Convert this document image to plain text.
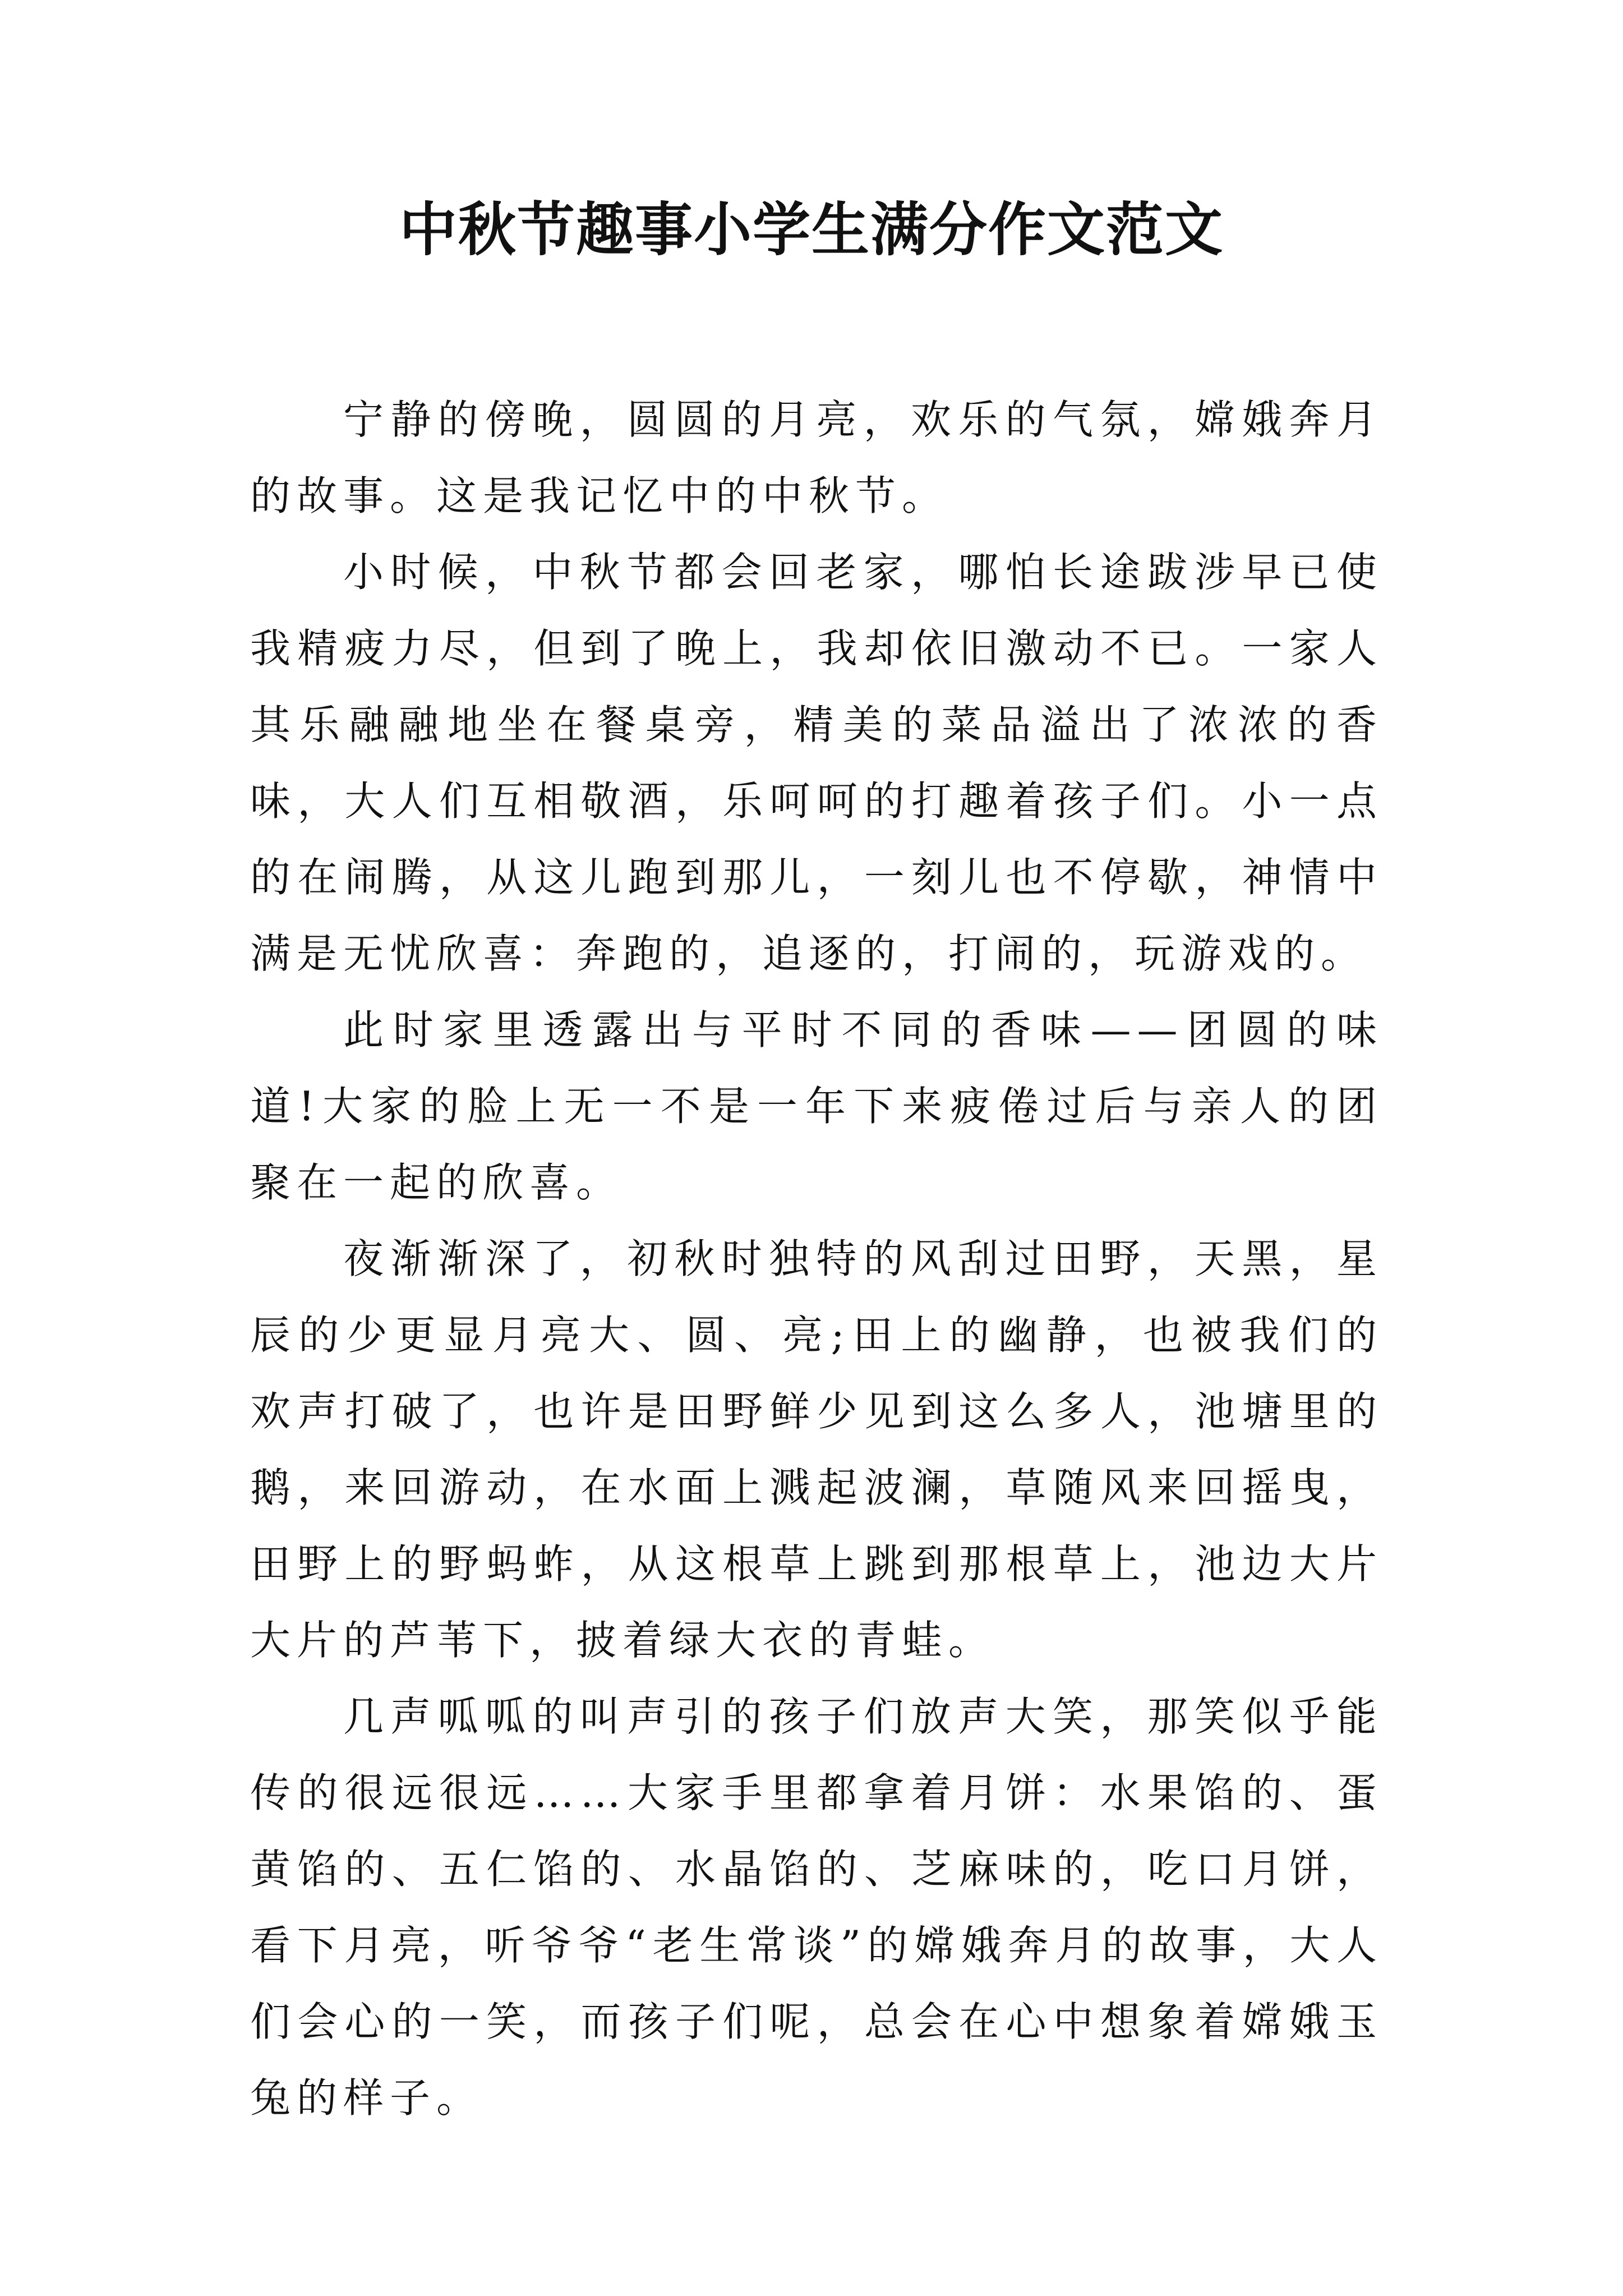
中秋节趣事小学生满分作文范文

宁静的傍晚，圆圆的月亮，欢乐的气氛，嫦娥奔月的故事。这是我记忆中的中秋节。

小时候，中秋节都会回老家，哪怕长途跋涉早已使我精疲力尽，但到了晚上，我却依旧激动不已。一家人其乐融融地坐在餐桌旁，精美的菜品溢出了浓浓的香味，大人们互相敬酒，乐呵呵的打趣着孩子们。小一点的在闹腾，从这儿跑到那儿，一刻儿也不停歇，神情中满是无忧欣喜：奔跑的，追逐的，打闹的，玩游戏的。

此时家里透露出与平时不同的香味——团圆的味道!大家的脸上无一不是一年下来疲倦过后与亲人的团聚在一起的欣喜。

夜渐渐深了，初秋时独特的风刮过田野，天黑，星辰的少更显月亮大、圆、亮;田上的幽静，也被我们的欢声打破了，也许是田野鲜少见到这么多人，池塘里的鹅，来回游动，在水面上溅起波澜，草随风来回摇曳，田野上的野蚂蚱，从这根草上跳到那根草上，池边大片大片的芦苇下，披着绿大衣的青蛙。

几声呱呱的叫声引的孩子们放声大笑，那笑似乎能传的很远很远……大家手里都拿着月饼：水果馅的、蛋黄馅的、五仁馅的、水晶馅的、芝麻味的，吃口月饼，看下月亮，听爷爷“老生常谈”的嫦娥奔月的故事，大人们会心的一笑，而孩子们呢，总会在心中想象着嫦娥玉兔的样子。
